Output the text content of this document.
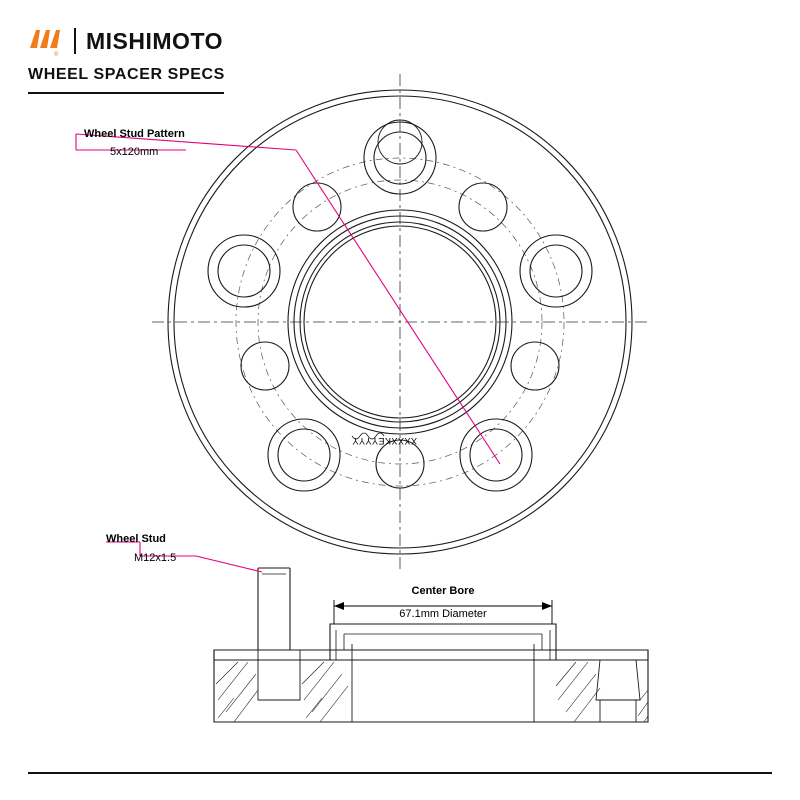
®
MISHIMOTO
WHEEL SPACER SPECS
Wheel Stud Pattern
5x120mm
Wheel Stud
M12x1.5
Center Bore
67.1mm Diameter
XXXXKEYYYY
